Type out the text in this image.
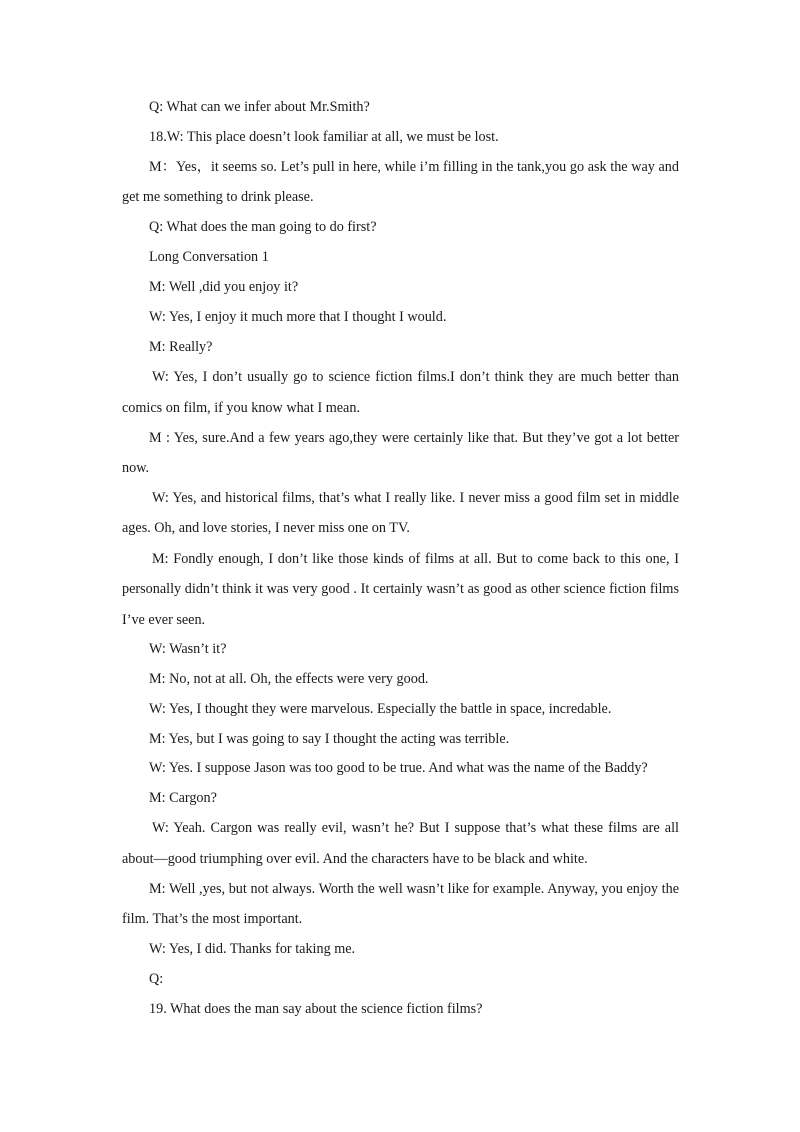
Q: What can we infer about Mr.Smith?

18.W: This place doesn’t look familiar at all, we must be lost.

M：Yes，it seems so. Let’s pull in here, while i’m filling in the tank,you go ask the way and

get me something to drink please.

Q: What does the man going to do first?

Long Conversation 1

M: Well ,did you enjoy it?

W: Yes, I enjoy it much more that I thought I would.

M: Really?

W: Yes, I don’t usually go to science fiction films.I don’t think they are much better than

comics on film, if you know what I mean.

M : Yes, sure.And a few years ago,they were certainly like that. But they’ve got a lot better

now.

W: Yes, and historical films, that’s what I really like. I never miss a good film set in middle

ages. Oh, and love stories, I never miss one on TV.

M: Fondly enough, I don’t like those kinds of films at all. But to come back to this one, I

personally didn’t think it was very good . It certainly wasn’t as good as other science fiction films

I’ve ever seen.

W: Wasn’t it?

M: No, not at all. Oh, the effects were very good.

W: Yes, I thought they were marvelous. Especially the battle in space, incredable.

M: Yes, but I was going to say I thought the acting was terrible.

W: Yes. I suppose Jason was too good to be true. And what was the name of the Baddy?

M: Cargon?

W: Yeah. Cargon was really evil, wasn’t he? But I suppose that’s what these films are all

about—good triumphing over evil. And the characters have to be black and white.

M: Well ,yes, but not always. Worth the well wasn’t like for example. Anyway, you enjoy the

film. That’s the most important.

W: Yes, I did. Thanks for taking me.

Q:

19. What does the man say about the science fiction films?
